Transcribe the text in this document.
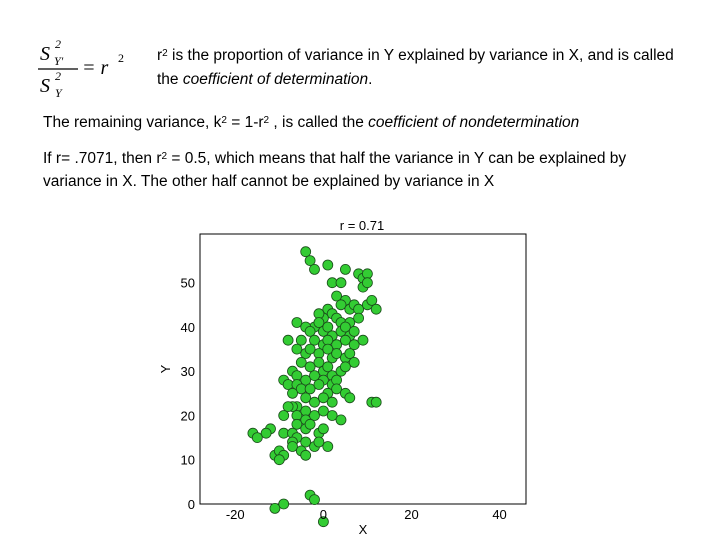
S 2
Y'
S 2
Y
= r 2 $r^2$ is the proportion of variance in Y explained by variance in X, and is called the coefficient of determination.
The remaining variance, $k^2 = 1-r^2$ , is called the coefficient of nondetermination
If r= .7071, then $r^2 = 0.5$, which means that half the variance in Y can be explained by variance in X. The other half cannot be explained by variance in X
r = 0.71
0
10
20
30
40
50
-20	0	20	40
X
Y
